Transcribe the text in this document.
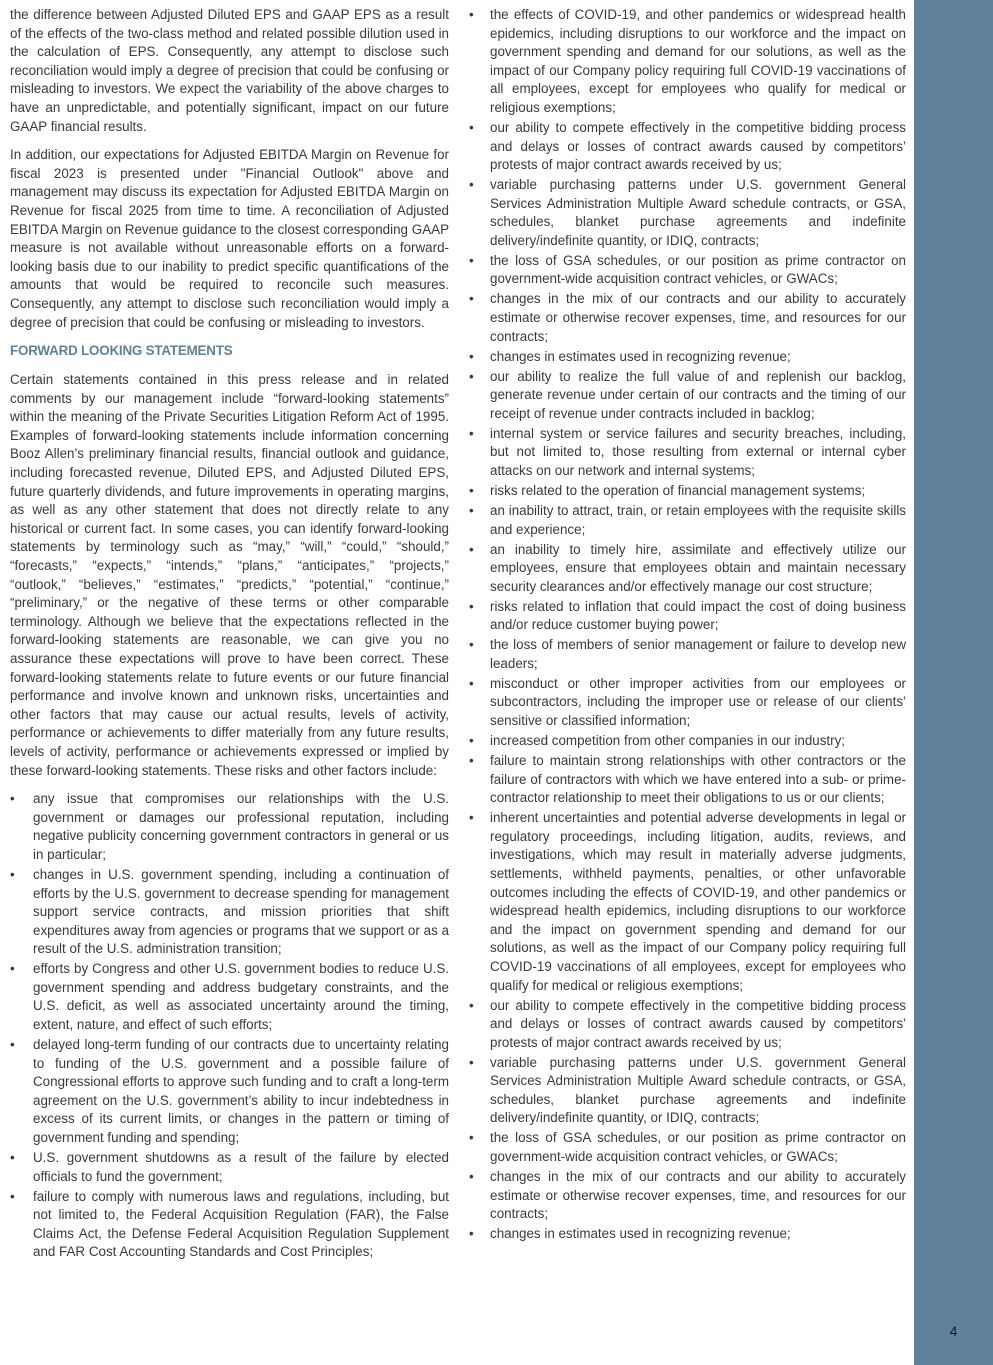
the difference between Adjusted Diluted EPS and GAAP EPS as a result of the effects of the two-class method and related possible dilution used in the calculation of EPS. Consequently, any attempt to disclose such reconciliation would imply a degree of precision that could be confusing or misleading to investors. We expect the variability of the above charges to have an unpredictable, and potentially significant, impact on our future GAAP financial results.

In addition, our expectations for Adjusted EBITDA Margin on Revenue for fiscal 2023 is presented under "Financial Outlook" above and management may discuss its expectation for Adjusted EBITDA Margin on Revenue for fiscal 2025 from time to time. A reconciliation of Adjusted EBITDA Margin on Revenue guidance to the closest corresponding GAAP measure is not available without unreasonable efforts on a forward-looking basis due to our inability to predict specific quantifications of the amounts that would be required to reconcile such measures. Consequently, any attempt to disclose such reconciliation would imply a degree of precision that could be confusing or misleading to investors.

FORWARD LOOKING STATEMENTS

Certain statements contained in this press release and in related comments by our management include “forward-looking statements” within the meaning of the Private Securities Litigation Reform Act of 1995. Examples of forward-looking statements include information concerning Booz Allen’s preliminary financial results, financial outlook and guidance, including forecasted revenue, Diluted EPS, and Adjusted Diluted EPS, future quarterly dividends, and future improvements in operating margins, as well as any other statement that does not directly relate to any historical or current fact. In some cases, you can identify forward-looking statements by terminology such as “may,” “will,” “could,” “should,” “forecasts,” “expects,” “intends,” “plans,” “anticipates,” “projects,” “outlook,” “believes,” “estimates,” “predicts,” “potential,” “continue,” “preliminary,” or the negative of these terms or other comparable terminology. Although we believe that the expectations reflected in the forward-looking statements are reasonable, we can give you no assurance these expectations will prove to have been correct. These forward-looking statements relate to future events or our future financial performance and involve known and unknown risks, uncertainties and other factors that may cause our actual results, levels of activity, performance or achievements to differ materially from any future results, levels of activity, performance or achievements expressed or implied by these forward-looking statements. These risks and other factors include:

•	any issue that compromises our relationships with the U.S. government or damages our professional reputation, including negative publicity concerning government contractors in general or us in particular;
•	changes in U.S. government spending, including a continuation of efforts by the U.S. government to decrease spending for management support service contracts, and mission priorities that shift expenditures away from agencies or programs that we support or as a result of the U.S. administration transition;
•	efforts by Congress and other U.S. government bodies to reduce U.S. government spending and address budgetary constraints, and the U.S. deficit, as well as associated uncertainty around the timing, extent, nature, and effect of such efforts;
•	delayed long-term funding of our contracts due to uncertainty relating to funding of the U.S. government and a possible failure of Congressional efforts to approve such funding and to craft a long-term agreement on the U.S. government’s ability to incur indebtedness in excess of its current limits, or changes in the pattern or timing of government funding and spending;
•	U.S. government shutdowns as a result of the failure by elected officials to fund the government;
•	failure to comply with numerous laws and regulations, including, but not limited to, the Federal Acquisition Regulation (FAR), the False Claims Act, the Defense Federal Acquisition Regulation Supplement and FAR Cost Accounting Standards and Cost Principles;
•	the effects of COVID-19, and other pandemics or widespread health epidemics, including disruptions to our workforce and the impact on government spending and demand for our solutions, as well as the impact of our Company policy requiring full COVID-19 vaccinations of all employees, except for employees who qualify for medical or religious exemptions;
•	our ability to compete effectively in the competitive bidding process and delays or losses of contract awards caused by competitors’ protests of major contract awards received by us;
•	variable purchasing patterns under U.S. government General Services Administration Multiple Award schedule contracts, or GSA, schedules, blanket purchase agreements and indefinite delivery/indefinite quantity, or IDIQ, contracts;
•	the loss of GSA schedules, or our position as prime contractor on government-wide acquisition contract vehicles, or GWACs;
•	changes in the mix of our contracts and our ability to accurately estimate or otherwise recover expenses, time, and resources for our contracts;
•	changes in estimates used in recognizing revenue;
•	our ability to realize the full value of and replenish our backlog, generate revenue under certain of our contracts and the timing of our receipt of revenue under contracts included in backlog;
•	internal system or service failures and security breaches, including, but not limited to, those resulting from external or internal cyber attacks on our network and internal systems;
•	risks related to the operation of financial management systems;
•	an inability to attract, train, or retain employees with the requisite skills and experience;
•	an inability to timely hire, assimilate and effectively utilize our employees, ensure that employees obtain and maintain necessary security clearances and/or effectively manage our cost structure;
•	risks related to inflation that could impact the cost of doing business and/or reduce customer buying power;
•	the loss of members of senior management or failure to develop new leaders;
•	misconduct or other improper activities from our employees or subcontractors, including the improper use or release of our clients’ sensitive or classified information;
•	increased competition from other companies in our industry;
•	failure to maintain strong relationships with other contractors or the failure of contractors with which we have entered into a sub- or prime- contractor relationship to meet their obligations to us or our clients;
•	inherent uncertainties and potential adverse developments in legal or regulatory proceedings, including litigation, audits, reviews, and investigations, which may result in materially adverse judgments, settlements, withheld payments, penalties, or other unfavorable outcomes including the effects of COVID-19, and other pandemics or widespread health epidemics, including disruptions to our workforce and the impact on government spending and demand for our solutions, as well as the impact of our Company policy requiring full COVID-19 vaccinations of all employees, except for employees who qualify for medical or religious exemptions;
•	our ability to compete effectively in the competitive bidding process and delays or losses of contract awards caused by competitors’ protests of major contract awards received by us;
•	variable purchasing patterns under U.S. government General Services Administration Multiple Award schedule contracts, or GSA, schedules, blanket purchase agreements and indefinite delivery/indefinite quantity, or IDIQ, contracts;
•	the loss of GSA schedules, or our position as prime contractor on government-wide acquisition contract vehicles, or GWACs;
•	changes in the mix of our contracts and our ability to accurately estimate or otherwise recover expenses, time, and resources for our contracts;
•	changes in estimates used in recognizing revenue;
4
